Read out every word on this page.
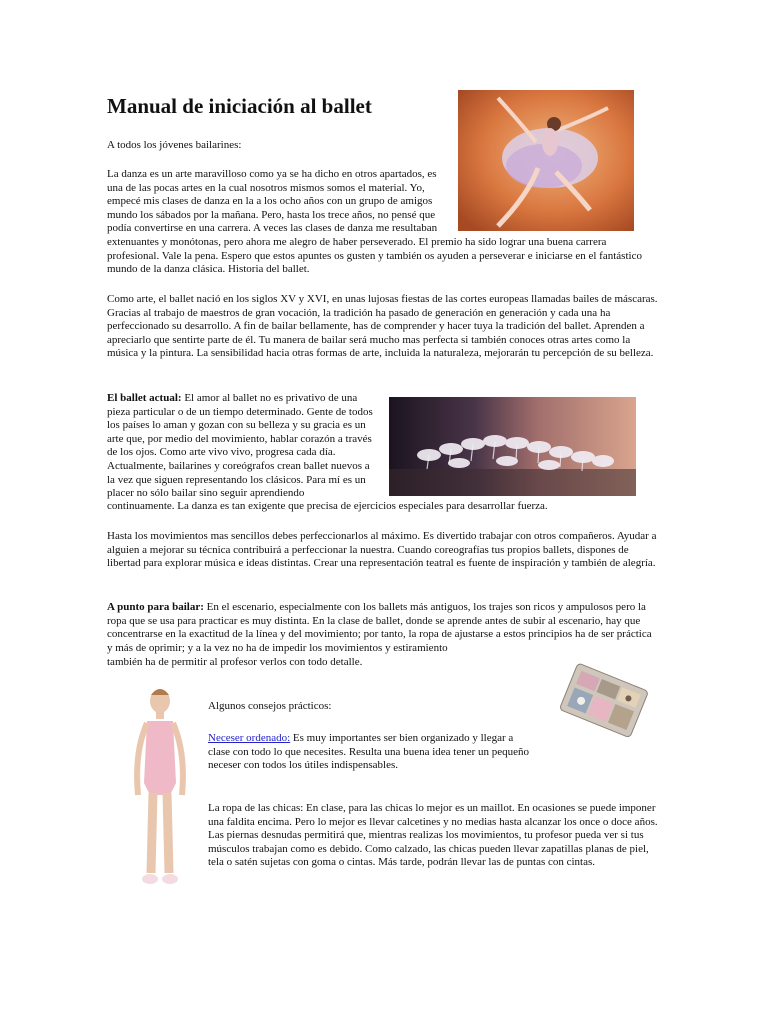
Manual de iniciación al ballet

A todos los jóvenes bailarines:

La danza es un arte maravilloso como ya se ha dicho en otros apartados, es una de las pocas artes en la cual nosotros mismos somos el material. Yo, empecé mis clases de danza en la a los ocho años con un grupo de amigos mundo los sábados por la mañana. Pero, hasta los trece años, no pensé que podía convertirse en una carrera. A veces las clases de danza me resultaban

extenuantes y monótonas, pero ahora me alegro de haber perseverado. El premio ha sido lograr una buena carrera profesional. Vale la pena. Espero que estos apuntes os gusten y también os ayuden a perseverar e iniciarse en el fantástico mundo de la danza clásica. Historia del ballet.

Como arte, el ballet nació en los siglos XV y XVI, en unas lujosas fiestas de las cortes europeas llamadas bailes de máscaras. Gracias al trabajo de maestros de gran vocación, la tradición ha pasado de generación en generación y cada una ha perfeccionado su desarrollo. A fin de bailar bellamente, has de comprender y hacer tuya la tradición del ballet. Aprenden a apreciarlo que sentirte parte de él. Tu manera de bailar será mucho mas perfecta si también conoces otras artes como la música y la pintura. La sensibilidad hacia otras formas de arte, incluida la naturaleza, mejorarán tu percepción de su belleza.

El ballet actual: El amor al ballet no es privativo de una pieza particular o de un tiempo determinado. Gente de todos los países lo aman y gozan con su belleza y su gracia es un arte que, por medio del movimiento, hablar corazón a través de los ojos. Como arte vivo vivo, progresa cada día. Actualmente, bailarines y coreógrafos crean ballet nuevos a la vez que siguen representando los clásicos. Para mí es un placer no sólo bailar sino seguir aprendiendo

continuamente. La danza es tan exigente que precisa de ejercicios especiales para desarrollar fuerza.

Hasta los movimientos mas sencillos debes perfeccionarlos al máximo. Es divertido trabajar con otros compañeros. Ayudar a alguien a mejorar su técnica contribuirá a perfeccionar la nuestra. Cuando coreografías tus propios ballets, dispones de libertad para explorar música e ideas distintas. Crear una representación teatral es fuente de inspiración y también de alegría.

A punto para bailar: En el escenario, especialmente con los ballets más antiguos, los trajes son ricos y ampulosos pero la ropa que se usa para practicar es muy distinta. En la clase de ballet, donde se aprende antes de subir al escenario, hay que concentrarse en la exactitud de la línea y del movimiento; por tanto, la ropa de ajustarse a estos principios ha de ser práctica y más de oprimir; y a la vez no ha de impedir los movimientos y estiramiento

también ha de permitir al profesor verlos con todo detalle.

Algunos consejos prácticos:

Neceser ordenado: Es muy importantes ser bien organizado y llegar a clase con todo lo que necesites. Resulta una buena idea tener un pequeño neceser con todos los útiles indispensables.

La ropa de las chicas: En clase, para las chicas lo mejor es un maillot. En ocasiones se puede imponer una faldita encima. Pero lo mejor es llevar calcetines y no medias hasta alcanzar los once o doce años. Las piernas desnudas permitirá que, mientras realizas los movimientos, tu profesor pueda ver si tus músculos trabajan como es debido. Como calzado, las chicas pueden llevar zapatillas planas de piel, tela o satén sujetas con goma o cintas. Más tarde, podrán llevar las de puntas con cintas.
